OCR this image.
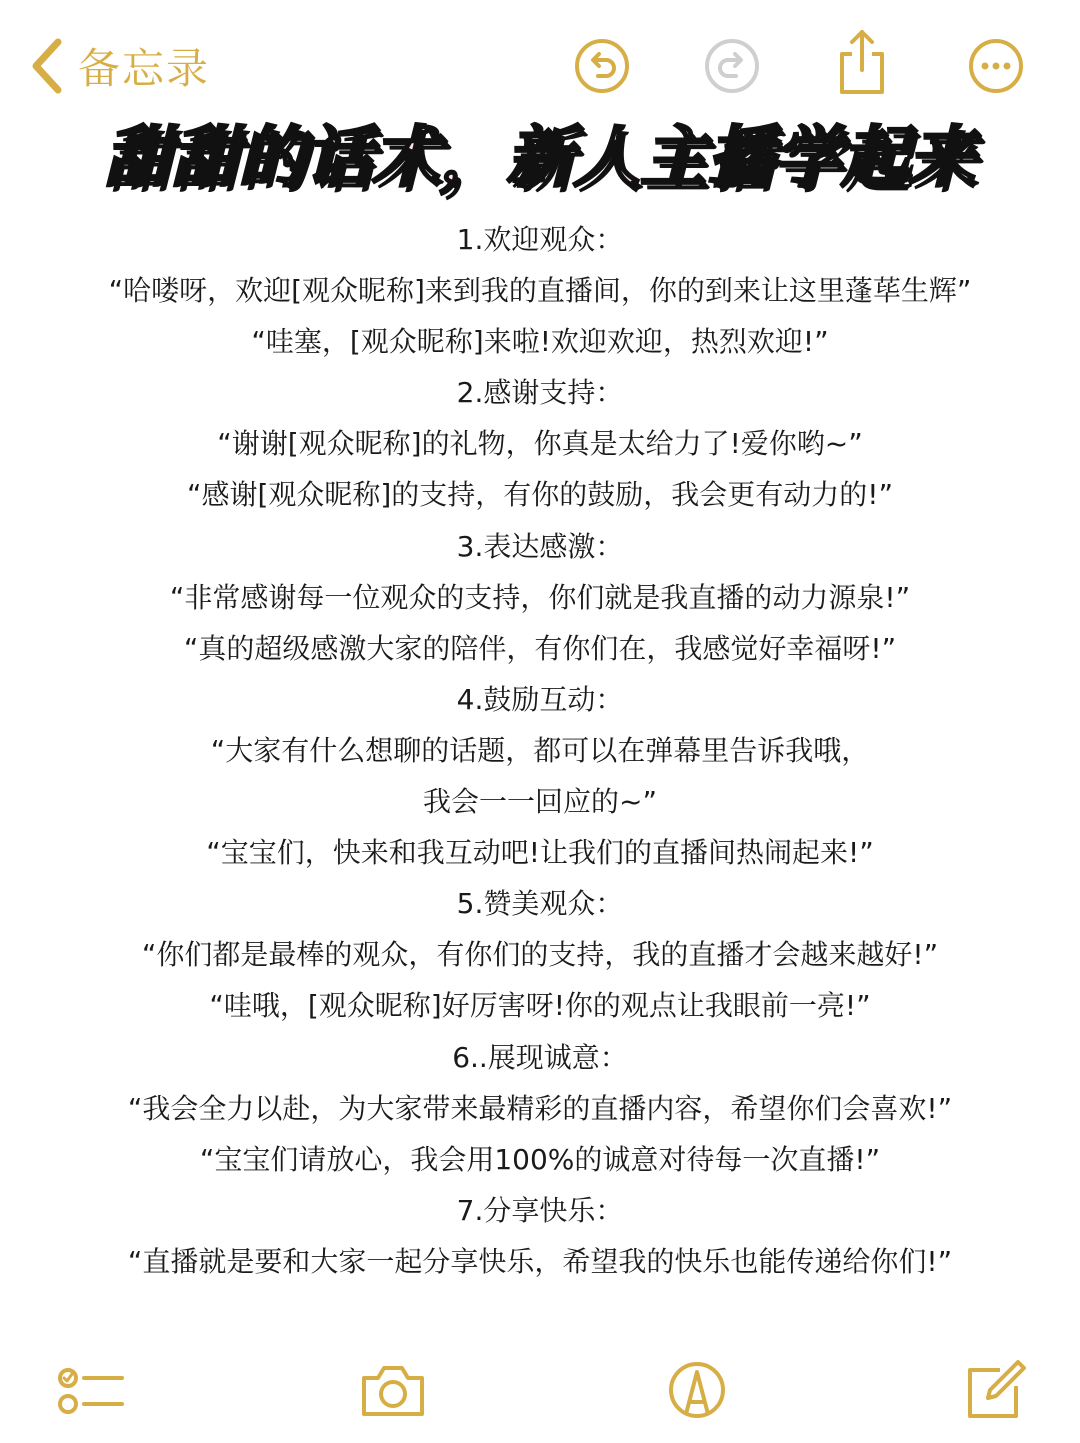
备忘录
甜甜的话术，新人主播学起来
1.欢迎观众：
“哈喽呀，欢迎[观众昵称]来到我的直播间，你的到来让这里蓬荜生辉”
“哇塞，[观众昵称]来啦!欢迎欢迎，热烈欢迎!”
2.感谢支持：
“谢谢[观众昵称]的礼物，你真是太给力了!爱你哟~”
“感谢[观众昵称]的支持，有你的鼓励，我会更有动力的!”
3.表达感激：
“非常感谢每一位观众的支持，你们就是我直播的动力源泉!”
“真的超级感激大家的陪伴，有你们在，我感觉好幸福呀!”
4.鼓励互动：
“大家有什么想聊的话题，都可以在弹幕里告诉我哦，
我会一一回应的~”
“宝宝们，快来和我互动吧!让我们的直播间热闹起来!”
5.赞美观众：
“你们都是最棒的观众，有你们的支持，我的直播才会越来越好!”
“哇哦，[观众昵称]好厉害呀!你的观点让我眼前一亮!”
6..展现诚意：
“我会全力以赴，为大家带来最精彩的直播内容，希望你们会喜欢!”
“宝宝们请放心，我会用100%的诚意对待每一次直播!”
7.分享快乐：
“直播就是要和大家一起分享快乐，希望我的快乐也能传递给你们!”
